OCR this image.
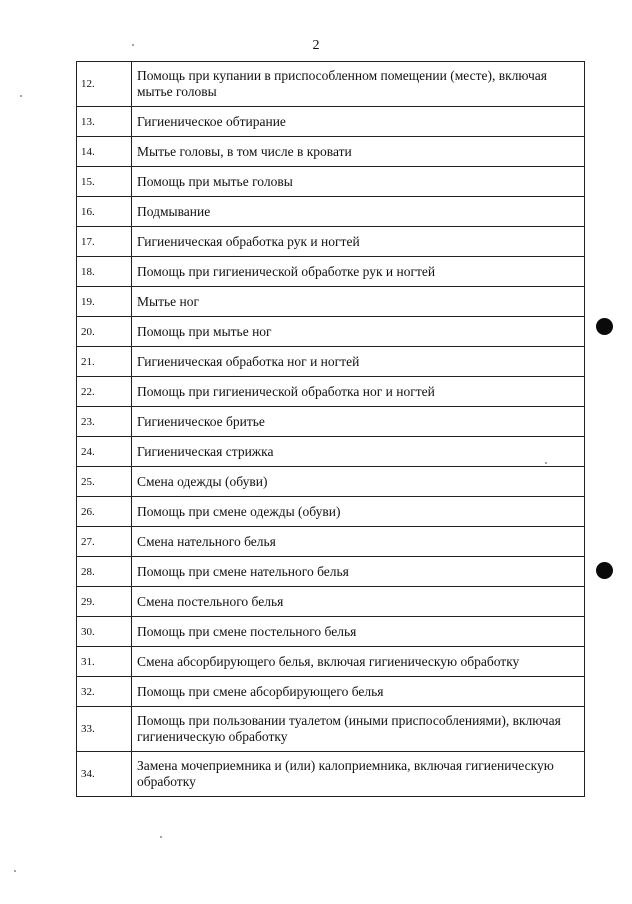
2
12.	Помощь при купании в приспособленном помещении (месте), включая мытье головы
13.	Гигиеническое обтирание
14.	Мытье головы, в том числе в кровати
15.	Помощь при мытье головы
16.	Подмывание
17.	Гигиеническая обработка рук и ногтей
18.	Помощь при гигиенической обработке рук и ногтей
19.	Мытье ног
20.	Помощь при мытье ног
21.	Гигиеническая обработка ног и ногтей
22.	Помощь при гигиенической обработка ног и ногтей
23.	Гигиеническое бритье
24.	Гигиеническая стрижка
25.	Смена одежды (обуви)
26.	Помощь при смене одежды (обуви)
27.	Смена нательного белья
28.	Помощь при смене нательного белья
29.	Смена постельного белья
30.	Помощь при смене постельного белья
31.	Смена абсорбирующего белья, включая гигиеническую обработку
32.	Помощь при смене абсорбирующего белья
33.	Помощь при пользовании туалетом (иными приспособлениями), включая гигиеническую обработку
34.	Замена мочеприемника и (или) калоприемника, включая гигиеническую обработку
